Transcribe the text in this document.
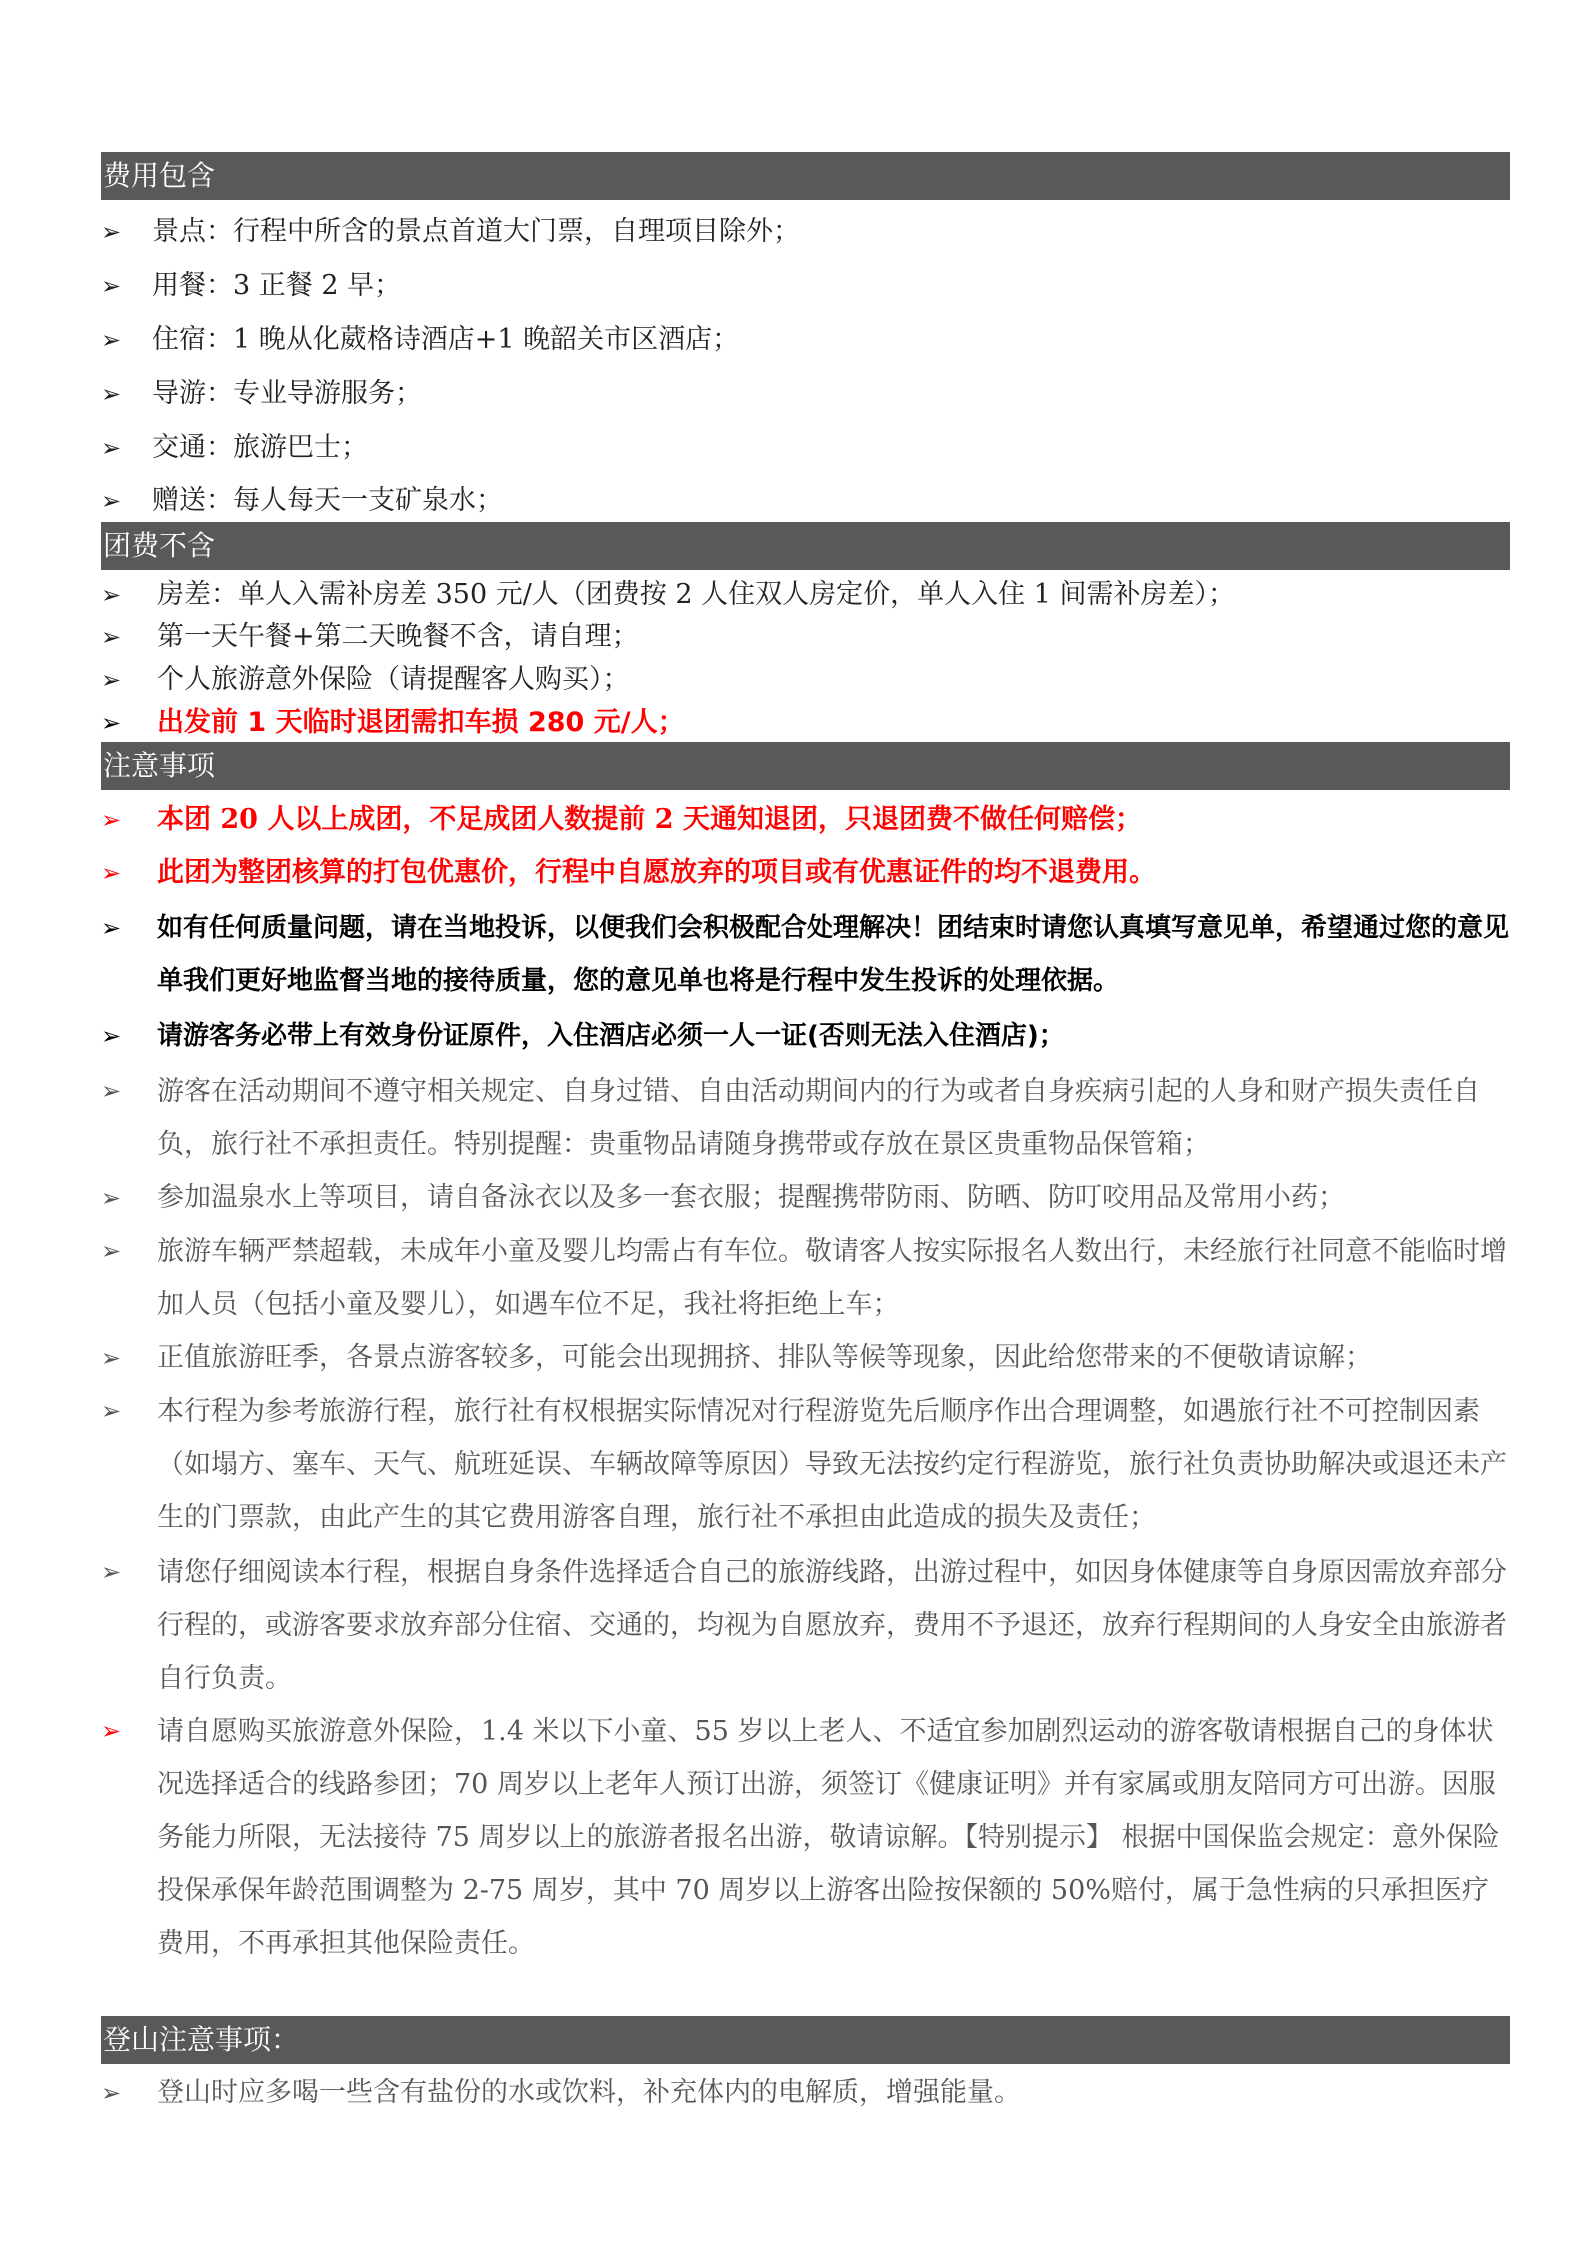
费用包含
➢ 景点：行程中所含的景点首道大门票，自理项目除外；
➢ 用餐：3 正餐 2 早；
➢ 住宿：1 晚从化葳格诗酒店+1 晚韶关市区酒店；
➢ 导游：专业导游服务；
➢ 交通：旅游巴士；
➢ 赠送：每人每天一支矿泉水；
团费不含
➢ 房差：单人入需补房差 350 元/人（团费按 2 人住双人房定价，单人入住 1 间需补房差）；
➢ 第一天午餐+第二天晚餐不含，请自理；
➢ 个人旅游意外保险（请提醒客人购买）；
➢ 出发前 1 天临时退团需扣车损 280 元/人；
注意事项
➢ 本团 20 人以上成团，不足成团人数提前 2 天通知退团，只退团费不做任何赔偿；
➢ 此团为整团核算的打包优惠价，行程中自愿放弃的项目或有优惠证件的均不退费用。
➢ 如有任何质量问题，请在当地投诉，以便我们会积极配合处理解决！团结束时请您认真填写意见单，希望通过您的意见单我们更好地监督当地的接待质量，您的意见单也将是行程中发生投诉的处理依据。
➢ 请游客务必带上有效身份证原件，入住酒店必须一人一证(否则无法入住酒店)；
➢ 游客在活动期间不遵守相关规定、自身过错、自由活动期间内的行为或者自身疾病引起的人身和财产损失责任自负，旅行社不承担责任。特别提醒：贵重物品请随身携带或存放在景区贵重物品保管箱；
➢ 参加温泉水上等项目，请自备泳衣以及多一套衣服；提醒携带防雨、防晒、防叮咬用品及常用小药；
➢ 旅游车辆严禁超载，未成年小童及婴儿均需占有车位。敬请客人按实际报名人数出行，未经旅行社同意不能临时增加人员（包括小童及婴儿），如遇车位不足，我社将拒绝上车；
➢ 正值旅游旺季，各景点游客较多，可能会出现拥挤、排队等候等现象，因此给您带来的不便敬请谅解；
➢ 本行程为参考旅游行程，旅行社有权根据实际情况对行程游览先后顺序作出合理调整，如遇旅行社不可控制因素（如塌方、塞车、天气、航班延误、车辆故障等原因）导致无法按约定行程游览，旅行社负责协助解决或退还未产生的门票款，由此产生的其它费用游客自理，旅行社不承担由此造成的损失及责任；
➢ 请您仔细阅读本行程，根据自身条件选择适合自己的旅游线路，出游过程中，如因身体健康等自身原因需放弃部分行程的，或游客要求放弃部分住宿、交通的，均视为自愿放弃，费用不予退还，放弃行程期间的人身安全由旅游者自行负责。
➢ 请自愿购买旅游意外保险，1.4 米以下小童、55 岁以上老人、不适宜参加剧烈运动的游客敬请根据自己的身体状况选择适合的线路参团；70 周岁以上老年人预订出游，须签订《健康证明》并有家属或朋友陪同方可出游。因服务能力所限，无法接待 75 周岁以上的旅游者报名出游，敬请谅解。【特别提示】 根据中国保监会规定：意外保险投保承保年龄范围调整为 2-75 周岁，其中 70 周岁以上游客出险按保额的 50%赔付，属于急性病的只承担医疗费用，不再承担其他保险责任。
登山注意事项：
➢ 登山时应多喝一些含有盐份的水或饮料，补充体内的电解质，增强能量。
